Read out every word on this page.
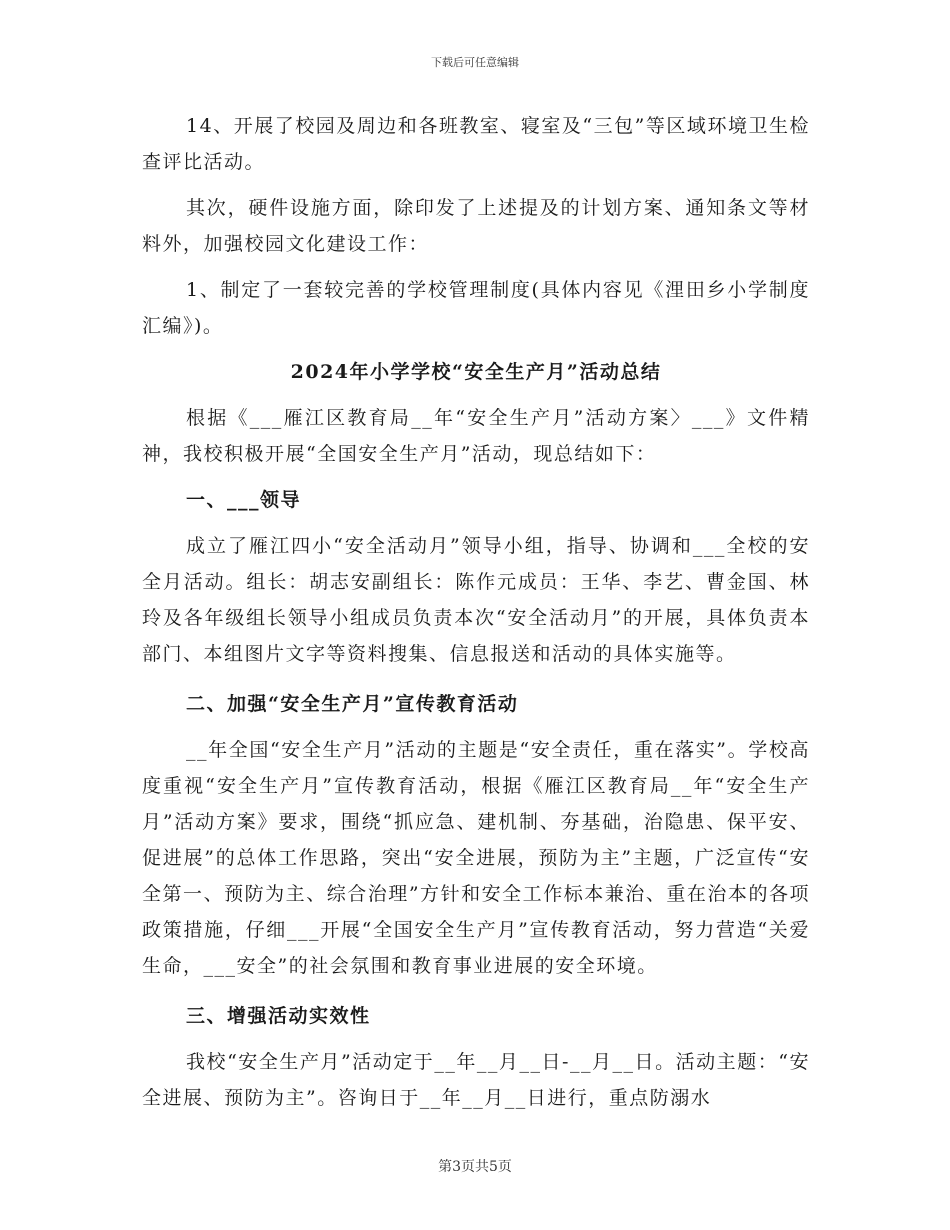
下载后可任意编辑

14、开展了校园及周边和各班教室、寝室及“三包”等区域环境卫生检查评比活动。

其次，硬件设施方面，除印发了上述提及的计划方案、通知条文等材料外，加强校园文化建设工作：

1、制定了一套较完善的学校管理制度(具体内容见《浬田乡小学制度汇编》)。

2024年小学学校“安全生产月”活动总结

根据《___雁江区教育局__年“安全生产月”活动方案〉___》文件精神，我校积极开展“全国安全生产月”活动，现总结如下：

一、___领导

成立了雁江四小“安全活动月”领导小组，指导、协调和___全校的安全月活动。组长：胡志安副组长：陈作元成员：王华、李艺、曹金国、林玲及各年级组长领导小组成员负责本次“安全活动月”的开展，具体负责本部门、本组图片文字等资料搜集、信息报送和活动的具体实施等。

二、加强“安全生产月”宣传教育活动

__年全国“安全生产月”活动的主题是“安全责任，重在落实”。学校高度重视“安全生产月”宣传教育活动，根据《雁江区教育局__年“安全生产月”活动方案》要求，围绕“抓应急、建机制、夯基础，治隐患、保平安、促进展”的总体工作思路，突出“安全进展，预防为主”主题，广泛宣传“安全第一、预防为主、综合治理”方针和安全工作标本兼治、重在治本的各项政策措施，仔细___开展“全国安全生产月”宣传教育活动，努力营造“关爱生命，___安全”的社会氛围和教育事业进展的安全环境。

三、增强活动实效性

我校“安全生产月”活动定于__年__月__日-__月__日。活动主题：“安全进展、预防为主”。咨询日于__年__月__日进行，重点防溺水

第3页共5页
